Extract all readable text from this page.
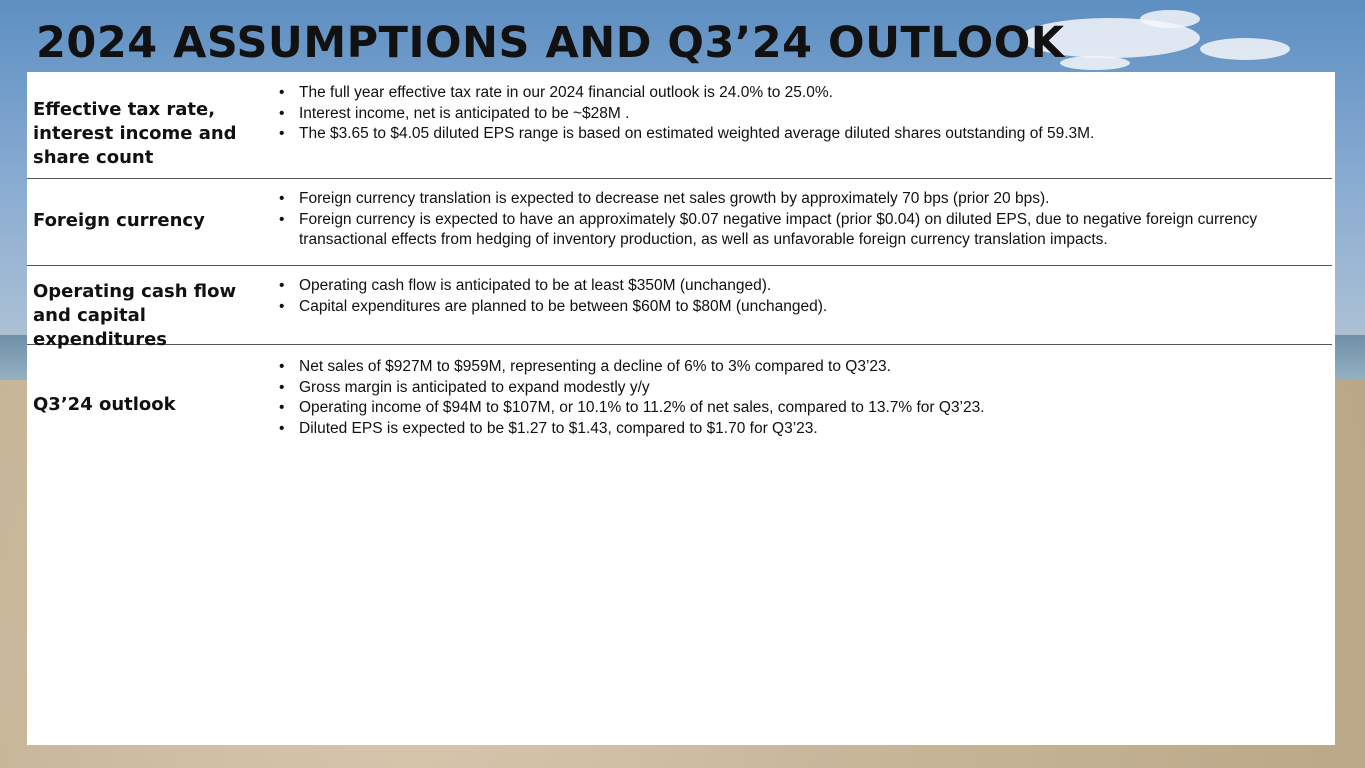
2024 ASSUMPTIONS AND Q3’24 OUTLOOK
Effective tax rate, interest income and share count
• The full year effective tax rate in our 2024 financial outlook is 24.0% to 25.0%.
• Interest income, net is anticipated to be ~$28M .
• The $3.65 to $4.05 diluted EPS range is based on estimated weighted average diluted shares outstanding of 59.3M.
Foreign currency
• Foreign currency translation is expected to decrease net sales growth by approximately 70 bps (prior 20 bps).
• Foreign currency is expected to have an approximately $0.07 negative impact (prior $0.04) on diluted EPS, due to negative foreign currency transactional effects from hedging of inventory production, as well as unfavorable foreign currency translation impacts.
Operating cash flow and capital expenditures
• Operating cash flow is anticipated to be at least $350M (unchanged).
• Capital expenditures are planned to be between $60M to $80M (unchanged).
Q3’24 outlook
• Net sales of $927M to $959M, representing a decline of 6% to 3% compared to Q3’23.
• Gross margin is anticipated to expand modestly y/y
• Operating income of $94M to $107M, or 10.1% to 11.2% of net sales, compared to 13.7% for Q3’23.
• Diluted EPS is expected to be $1.27 to $1.43, compared to $1.70 for Q3’23.
